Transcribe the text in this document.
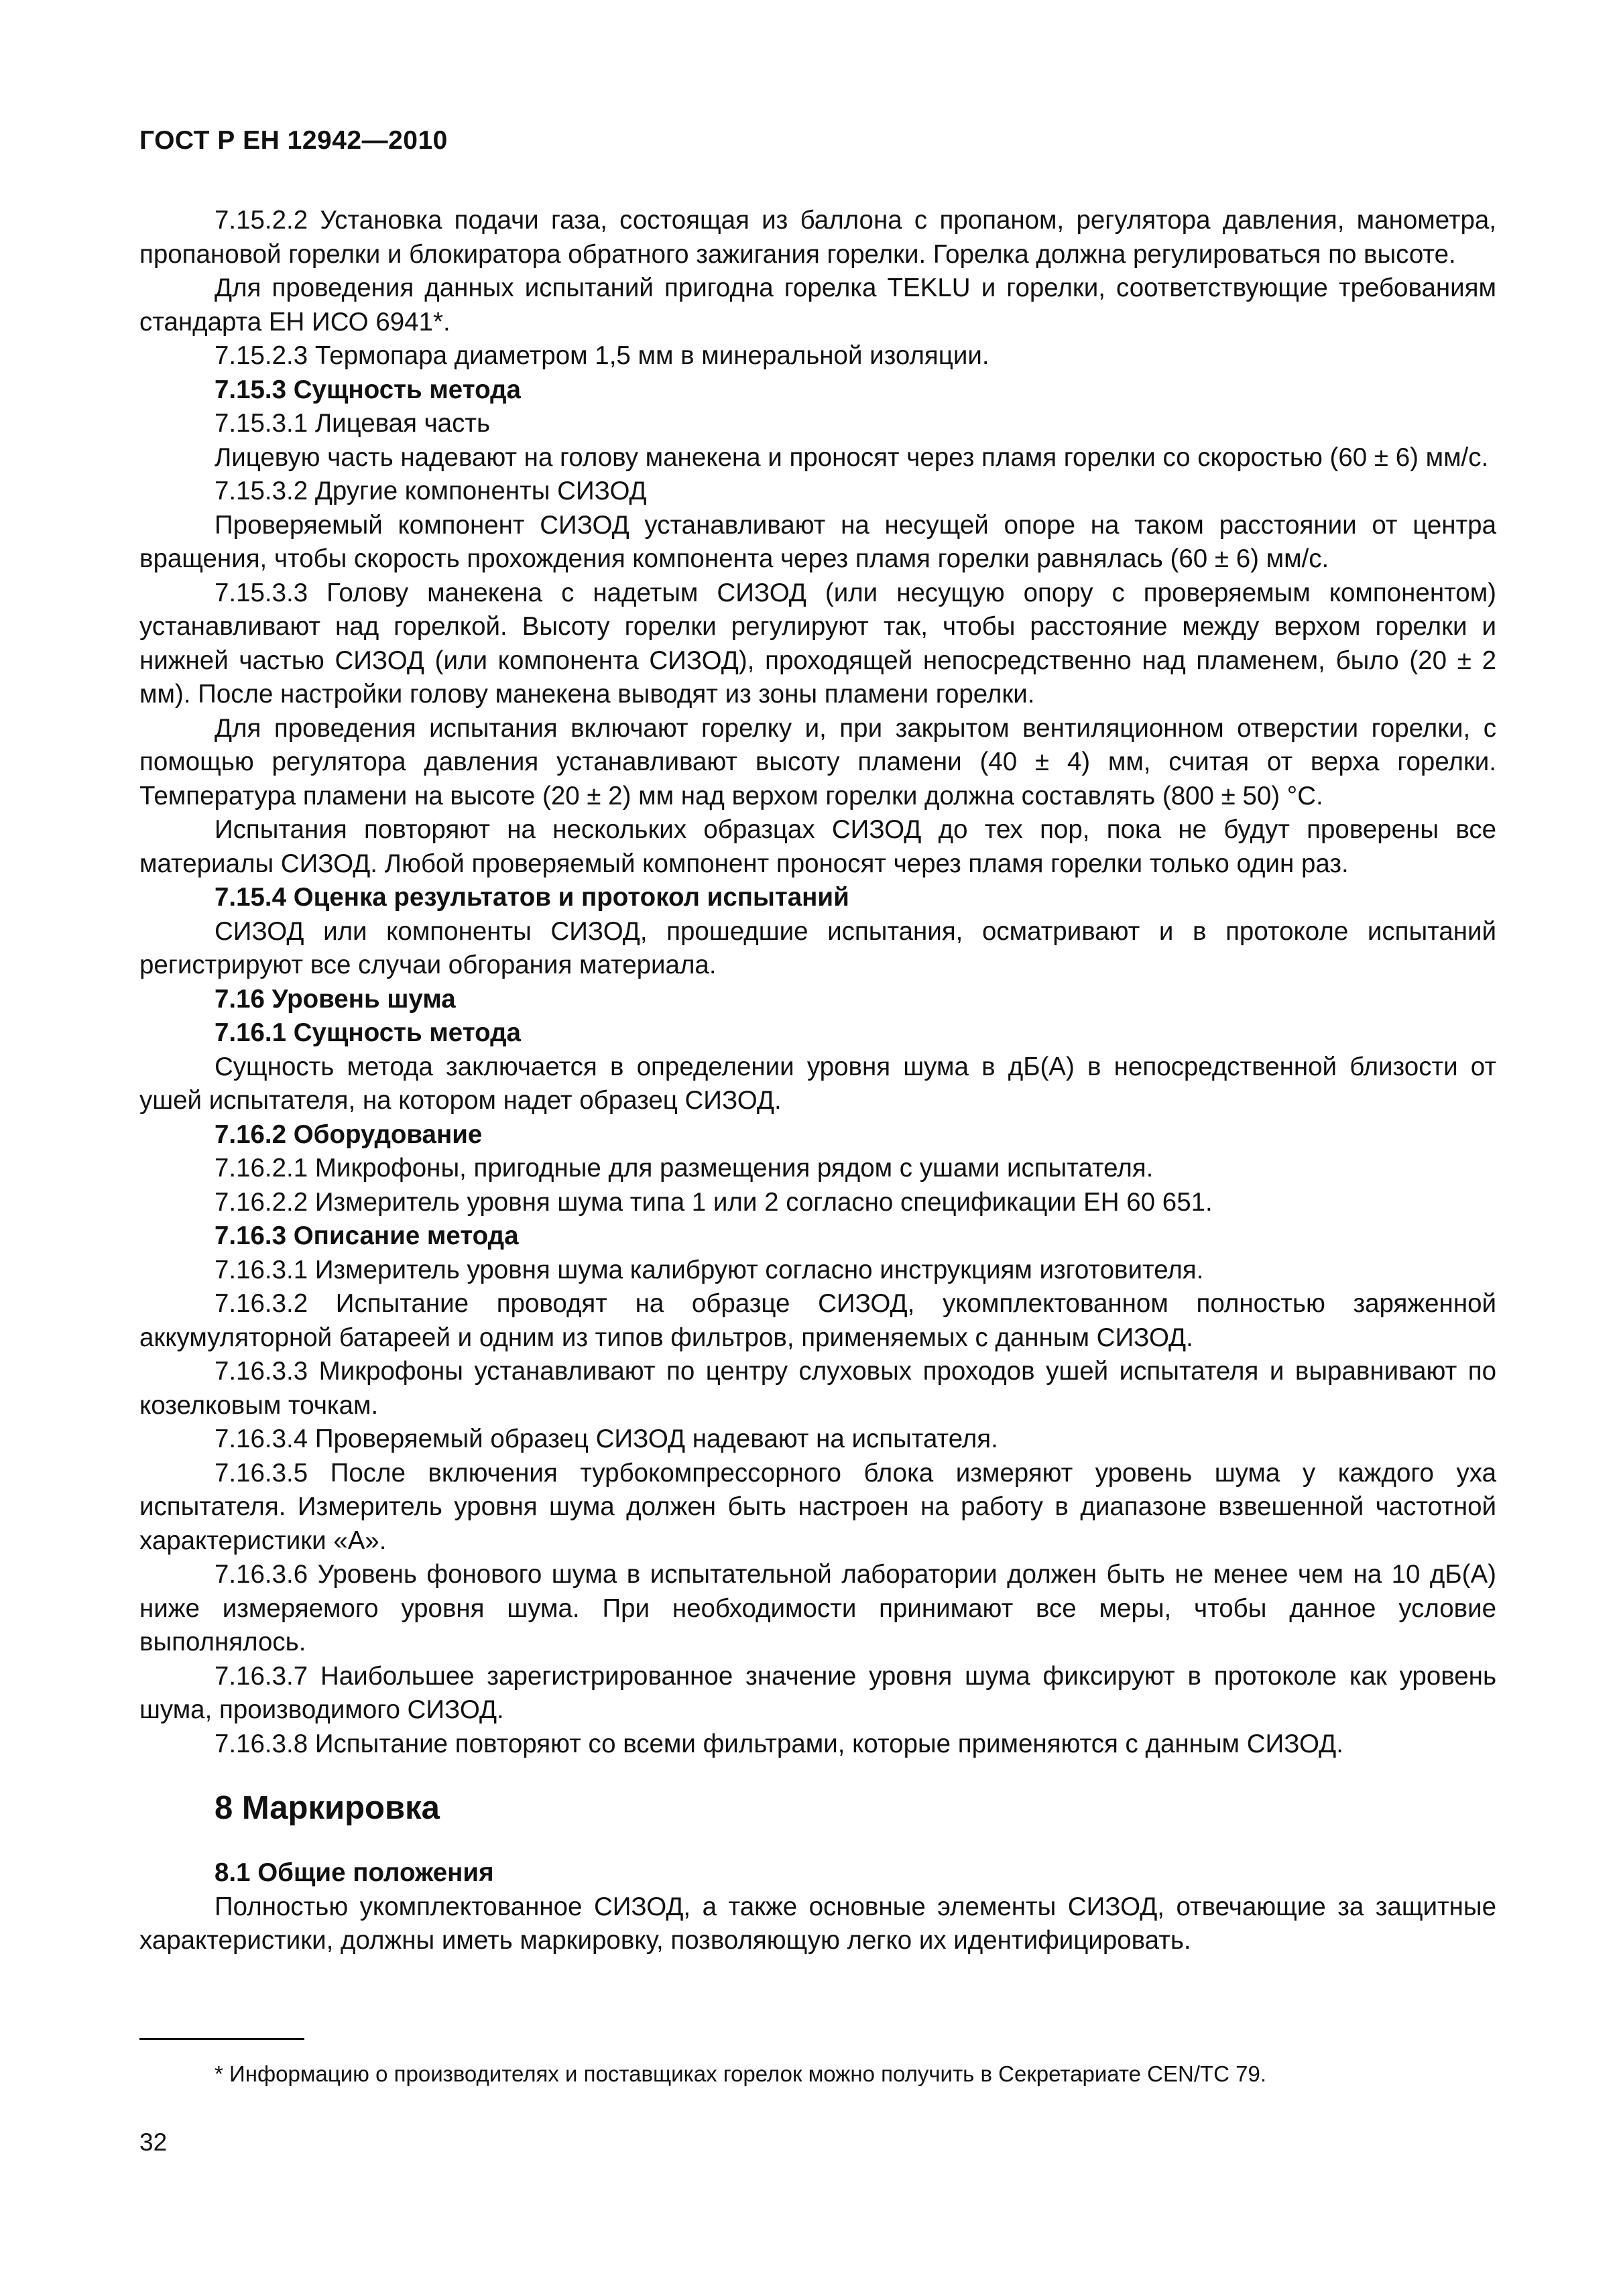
ГОСТ Р ЕН 12942—2010

7.15.2.2 Установка подачи газа, состоящая из баллона с пропаном, регулятора давления, манометра, пропановой горелки и блокиратора обратного зажигания горелки. Горелка должна регулироваться по высоте.

Для проведения данных испытаний пригодна горелка TEKLU и горелки, соответствующие требованиям стандарта ЕН ИСО 6941*.

7.15.2.3 Термопара диаметром 1,5 мм в минеральной изоляции.

7.15.3 Сущность метода

7.15.3.1 Лицевая часть

Лицевую часть надевают на голову манекена и проносят через пламя горелки со скоростью (60 ± 6) мм/с.

7.15.3.2 Другие компоненты СИЗОД

Проверяемый компонент СИЗОД устанавливают на несущей опоре на таком расстоянии от центра вращения, чтобы скорость прохождения компонента через пламя горелки равнялась (60 ± 6) мм/с.

7.15.3.3 Голову манекена с надетым СИЗОД (или несущую опору с проверяемым компонентом) устанавливают над горелкой. Высоту горелки регулируют так, чтобы расстояние между верхом горелки и нижней частью СИЗОД (или компонента СИЗОД), проходящей непосредственно над пламенем, было (20 ± 2 мм). После настройки голову манекена выводят из зоны пламени горелки.

Для проведения испытания включают горелку и, при закрытом вентиляционном отверстии горелки, с помощью регулятора давления устанавливают высоту пламени (40 ± 4) мм, считая от верха горелки. Температура пламени на высоте (20 ± 2) мм над верхом горелки должна составлять (800 ± 50) °С.

Испытания повторяют на нескольких образцах СИЗОД до тех пор, пока не будут проверены все материалы СИЗОД. Любой проверяемый компонент проносят через пламя горелки только один раз.

7.15.4 Оценка результатов и протокол испытаний

СИЗОД или компоненты СИЗОД, прошедшие испытания, осматривают и в протоколе испытаний регистрируют все случаи обгорания материала.

7.16 Уровень шума

7.16.1 Сущность метода

Сущность метода заключается в определении уровня шума в дБ(А) в непосредственной близости от ушей испытателя, на котором надет образец СИЗОД.

7.16.2 Оборудование

7.16.2.1 Микрофоны, пригодные для размещения рядом с ушами испытателя.

7.16.2.2 Измеритель уровня шума типа 1 или 2 согласно спецификации ЕН 60 651.

7.16.3 Описание метода

7.16.3.1 Измеритель уровня шума калибруют согласно инструкциям изготовителя.

7.16.3.2 Испытание проводят на образце СИЗОД, укомплектованном полностью заряженной аккумуляторной батареей и одним из типов фильтров, применяемых с данным СИЗОД.

7.16.3.3 Микрофоны устанавливают по центру слуховых проходов ушей испытателя и выравнивают по козелковым точкам.

7.16.3.4 Проверяемый образец СИЗОД надевают на испытателя.

7.16.3.5 После включения турбокомпрессорного блока измеряют уровень шума у каждого уха испытателя. Измеритель уровня шума должен быть настроен на работу в диапазоне взвешенной частотной характеристики «А».

7.16.3.6 Уровень фонового шума в испытательной лаборатории должен быть не менее чем на 10 дБ(А) ниже измеряемого уровня шума. При необходимости принимают все меры, чтобы данное условие выполнялось.

7.16.3.7 Наибольшее зарегистрированное значение уровня шума фиксируют в протоколе как уровень шума, производимого СИЗОД.

7.16.3.8 Испытание повторяют со всеми фильтрами, которые применяются с данным СИЗОД.

8 Маркировка

8.1 Общие положения

Полностью укомплектованное СИЗОД, а также основные элементы СИЗОД, отвечающие за защитные характеристики, должны иметь маркировку, позволяющую легко их идентифицировать.

* Информацию о производителях и поставщиках горелок можно получить в Секретариате CEN/TC 79.
32
